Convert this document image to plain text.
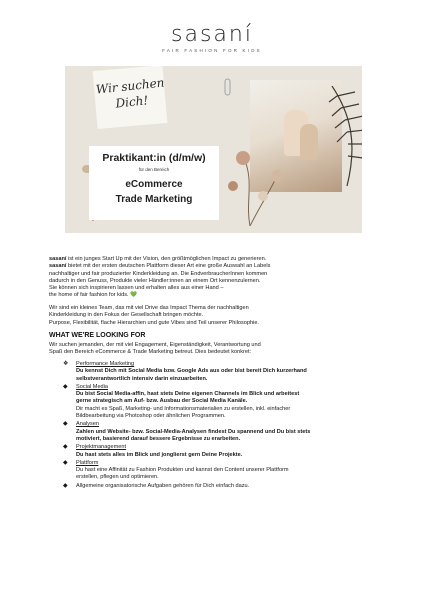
sasaní
FAIR FASHION FOR KIDS
Wir suchen
Dich!
Praktikant:in (d/m/w)
für den Bereich
eCommerce
Trade Marketing

sasaní ist ein junges Start Up mit der Vision, den größtmöglichen Impact zu generieren.

sasaní bietet mit der ersten deutschen Plattform dieser Art eine große Auswahl an Labels

nachhaltiger und fair produzierter Kinderkleidung an. Die EndverbraucherInnen kommen

dadurch in den Genuss, Produkte vieler Händler:innen an einem Ort kennenzulernen.

Sie können sich inspirieren lassen und erhalten alles aus einer Hand –

the home of fair fashion for kids. 💚

Wir sind ein kleines Team, das mit viel Drive das Impact Thema der nachhaltigen

Kinderkleidung in den Fokus der Gesellschaft bringen möchte.

Purpose, Flexibilität, flache Hierarchien und gute Vibes sind Teil unserer Philosophie.

WHAT WE'RE LOOKING FOR

Wir suchen jemanden, der mit viel Engagement, Eigenständigkeit, Verantwortung und

Spaß den Bereich eCommerce & Trade Marketing betreut. Dies bedeutet konkret:

❖ Performance Marketing
Du kennst Dich mit Social Media bzw. Google Ads aus oder bist bereit Dich kurzerhand
selbstverantwortlich intensiv darin einzuarbeiten.
◆ Social Media
Du bist Social Media-affin, hast stets Deine eigenen Channels im Blick und arbeitest
gerne strategisch am Auf- bzw. Ausbau der Social Media Kanäle.
Dir macht es Spaß, Marketing- und Informationsmaterialien zu erstellen, inkl. einfacher
Bildbearbeitung via Photoshop oder ähnlichen Programmen.
◆ Analysen
Zahlen und Website- bzw. Social-Media-Analysen findest Du spannend und Du bist stets
motiviert, basierend darauf bessere Ergebnisse zu erarbeiten.
◆ Projektmanagement
Du hast stets alles im Blick und jonglierst gern Deine Projekte.
◆ Plattform
Du hast eine Affinität zu Fashion Produkten und kannst den Content unserer Plattform
erstellen, pflegen und optimieren.
◆ Allgemeine organisatorische Aufgaben gehören für Dich einfach dazu.
